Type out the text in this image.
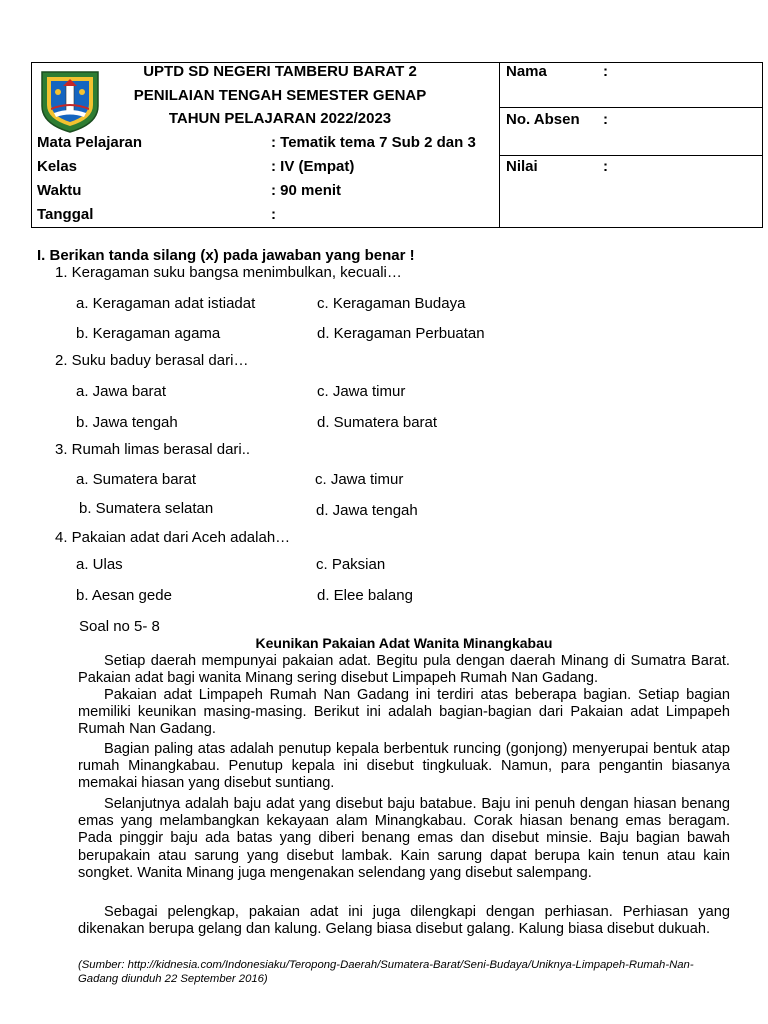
UPTD SD NEGERI TAMBERU BARAT 2
PENILAIAN TENGAH SEMESTER GENAP
TAHUN PELAJARAN 2022/2023
Mata Pelajaran	: Tematik tema 7 Sub 2 dan 3
Kelas	: IV (Empat)
Waktu	: 90 menit
Tanggal	:
Nama	:
No. Absen :
Nilai	:
I. Berikan tanda silang (x) pada jawaban yang benar !
1. Keragaman suku bangsa menimbulkan, kecuali…
a. Keragaman adat istiadat	c. Keragaman Budaya
b. Keragaman agama	d. Keragaman Perbuatan
2. Suku baduy berasal dari…
a. Jawa barat	c. Jawa timur
b. Jawa tengah	d. Sumatera barat
3. Rumah limas berasal dari..
a. Sumatera barat	c. Jawa timur
b. Sumatera selatan	d. Jawa tengah
4. Pakaian adat dari Aceh adalah…
a. Ulas	c. Paksian
b. Aesan gede	d. Elee balang
Soal no 5- 8
Keunikan Pakaian Adat Wanita Minangkabau
Setiap daerah mempunyai pakaian adat. Begitu pula dengan daerah Minang di Sumatra Barat. Pakaian adat bagi wanita Minang sering disebut Limpapeh Rumah Nan Gadang.
Pakaian adat Limpapeh Rumah Nan Gadang ini terdiri atas beberapa bagian. Setiap bagian memiliki keunikan masing-masing. Berikut ini adalah bagian-bagian dari Pakaian adat Limpapeh Rumah Nan Gadang.
Bagian paling atas adalah penutup kepala berbentuk runcing (gonjong) menyerupai bentuk atap rumah Minangkabau. Penutup kepala ini disebut tingkuluak. Namun, para pengantin biasanya memakai hiasan yang disebut suntiang.
Selanjutnya adalah baju adat yang disebut baju batabue. Baju ini penuh dengan hiasan benang emas yang melambangkan kekayaan alam Minangkabau. Corak hiasan benang emas beragam. Pada pinggir baju ada batas yang diberi benang emas dan disebut minsie. Baju bagian bawah berupakain atau sarung yang disebut lambak. Kain sarung dapat berupa kain tenun atau kain songket. Wanita Minang juga mengenakan selendang yang disebut salempang.
Sebagai pelengkap, pakaian adat ini juga dilengkapi dengan perhiasan. Perhiasan yang dikenakan berupa gelang dan kalung. Gelang biasa disebut galang. Kalung biasa disebut dukuah.
(Sumber: http://kidnesia.com/Indonesiaku/Teropong-Daerah/Sumatera-Barat/Seni-Budaya/Uniknya-Limpapeh-Rumah-Nan-Gadang diunduh 22 September 2016)
